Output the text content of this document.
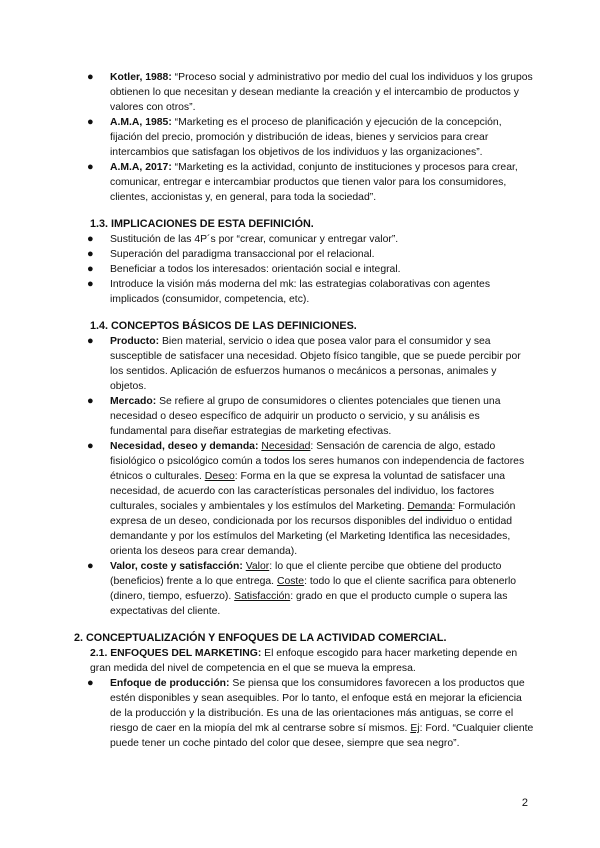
● Kotler, 1988: “Proceso social y administrativo por medio del cual los individuos y los grupos obtienen lo que necesitan y desean mediante la creación y el intercambio de productos y valores con otros”.
● A.M.A, 1985: “Marketing es el proceso de planificación y ejecución de la concepción, fijación del precio, promoción y distribución de ideas, bienes y servicios para crear intercambios que satisfagan los objetivos de los individuos y las organizaciones”.
● A.M.A, 2017: “Marketing es la actividad, conjunto de instituciones y procesos para crear, comunicar, entregar e intercambiar productos que tienen valor para los consumidores, clientes, accionistas y, en general, para toda la sociedad”.
1.3. IMPLICACIONES DE ESTA DEFINICIÓN.
● Sustitución de las 4P´s por “crear, comunicar y entregar valor”.
● Superación del paradigma transaccional por el relacional.
● Beneficiar a todos los interesados: orientación social e integral.
● Introduce la visión más moderna del mk: las estrategias colaborativas con agentes implicados (consumidor, competencia, etc).
1.4. CONCEPTOS BÁSICOS DE LAS DEFINICIONES.
● Producto: Bien material, servicio o idea que posea valor para el consumidor y sea susceptible de satisfacer una necesidad. Objeto físico tangible, que se puede percibir por los sentidos. Aplicación de esfuerzos humanos o mecánicos a personas, animales y objetos.
● Mercado: Se refiere al grupo de consumidores o clientes potenciales que tienen una necesidad o deseo específico de adquirir un producto o servicio, y su análisis es fundamental para diseñar estrategias de marketing efectivas.
● Necesidad, deseo y demanda: Necesidad: Sensación de carencia de algo, estado fisiológico o psicológico común a todos los seres humanos con independencia de factores étnicos o culturales. Deseo: Forma en la que se expresa la voluntad de satisfacer una necesidad, de acuerdo con las características personales del individuo, los factores culturales, sociales y ambientales y los estímulos del Marketing. Demanda: Formulación expresa de un deseo, condicionada por los recursos disponibles del individuo o entidad demandante y por los estímulos del Marketing (el Marketing Identifica las necesidades, orienta los deseos para crear demanda).
● Valor, coste y satisfacción: Valor: lo que el cliente percibe que obtiene del producto (beneficios) frente a lo que entrega. Coste: todo lo que el cliente sacrifica para obtenerlo (dinero, tiempo, esfuerzo). Satisfacción: grado en que el producto cumple o supera las expectativas del cliente.
2. CONCEPTUALIZACIÓN Y ENFOQUES DE LA ACTIVIDAD COMERCIAL.
2.1. ENFOQUES DEL MARKETING: El enfoque escogido para hacer marketing depende en gran medida del nivel de competencia en el que se mueva la empresa.
● Enfoque de producción: Se piensa que los consumidores favorecen a los productos que estén disponibles y sean asequibles. Por lo tanto, el enfoque está en mejorar la eficiencia de la producción y la distribución. Es una de las orientaciones más antiguas, se corre el riesgo de caer en la miopía del mk al centrarse sobre sí mismos. Ej: Ford. “Cualquier cliente puede tener un coche pintado del color que desee, siempre que sea negro”.
2
